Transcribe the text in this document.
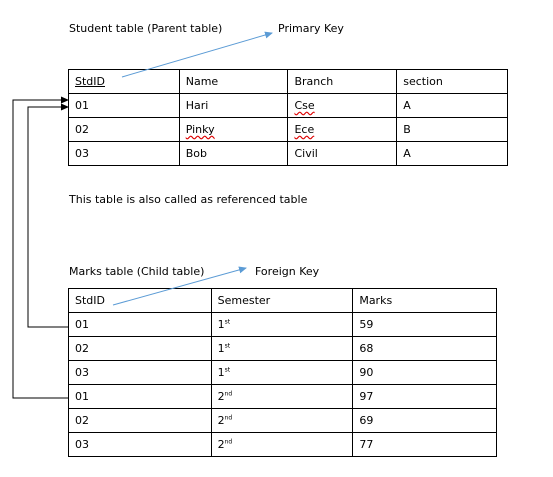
Student table (Parent table)	Primary Key
StdID	Name	Branch	section
01	Hari	Cse	A
02	Pinky	Ece	B
03	Bob	Civil	A
This table is also called as referenced table
Marks table (Child table)	Foreign Key
StdID	Semester	Marks
01	1st	59
02	1st	68
03	1st	90
01	2nd	97
02	2nd	69
03	2nd	77
